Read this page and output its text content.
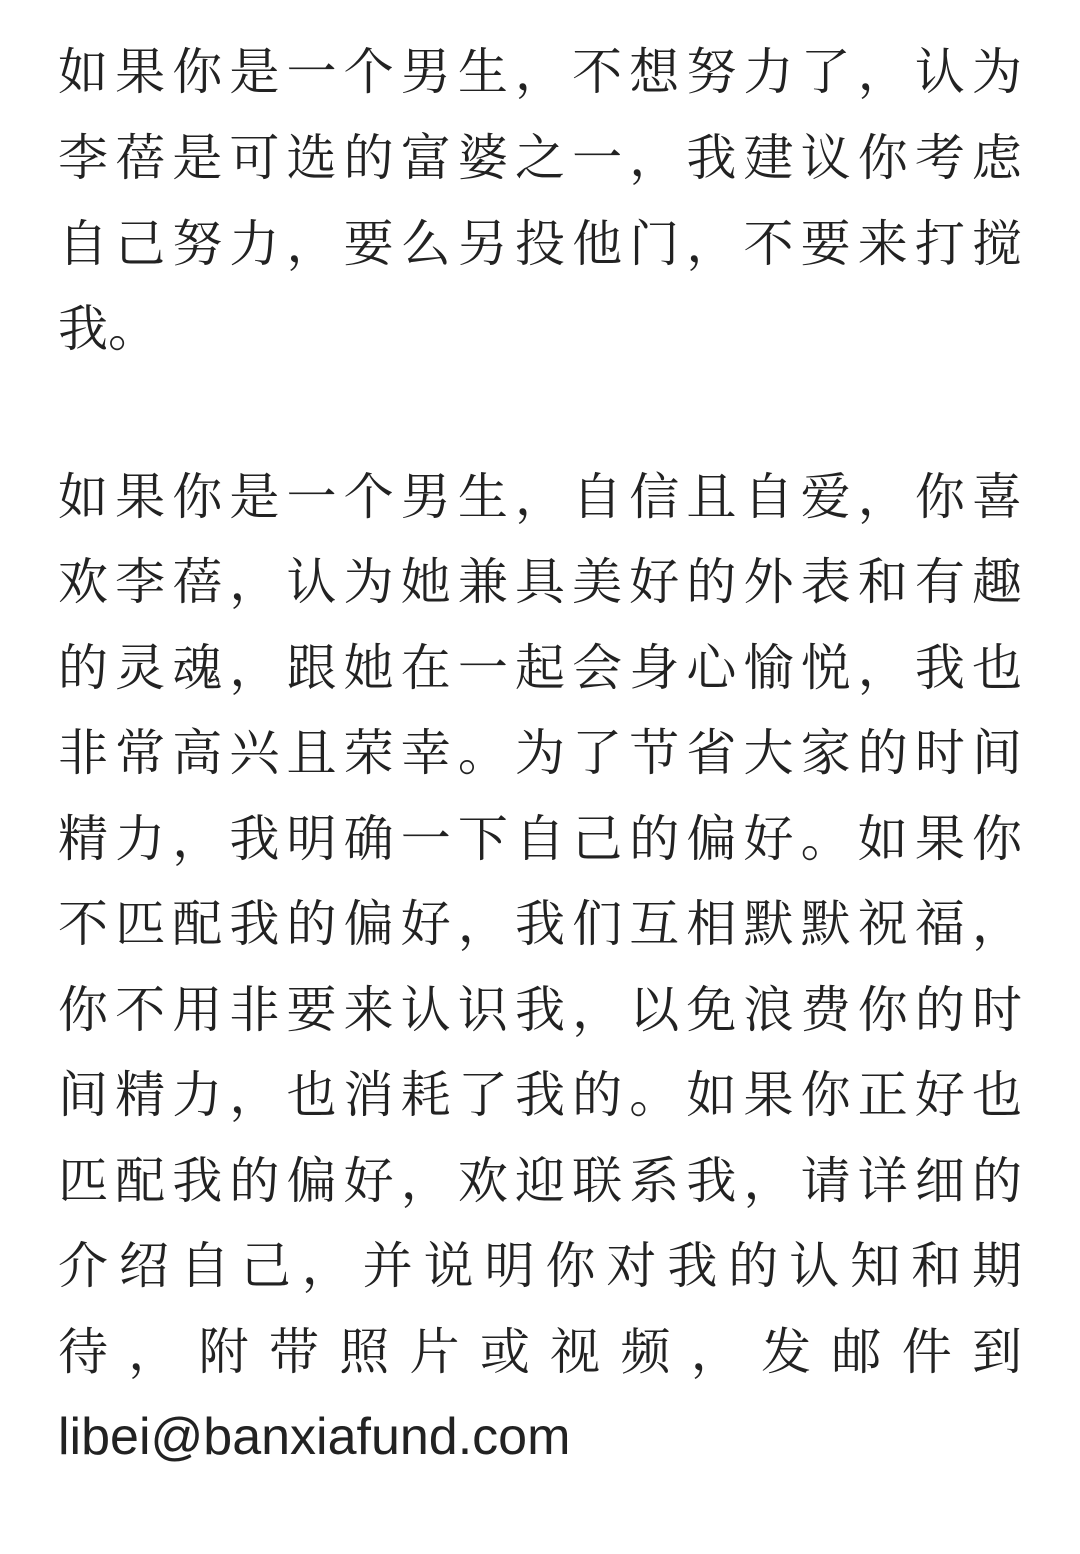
如果你是一个男生，不想努力了，认为
李蓓是可选的富婆之一，我建议你考虑
自己努力，要么另投他门，不要来打搅
我。
如果你是一个男生，自信且自爱，你喜
欢李蓓，认为她兼具美好的外表和有趣
的灵魂，跟她在一起会身心愉悦，我也
非常高兴且荣幸。为了节省大家的时间
精力，我明确一下自己的偏好。如果你
不匹配我的偏好，我们互相默默祝福，
你不用非要来认识我，以免浪费你的时
间精力，也消耗了我的。如果你正好也
匹配我的偏好，欢迎联系我，请详细的
介绍自己，并说明你对我的认知和期
待，附带照片或视频，发邮件到
libei@banxiafund.com
